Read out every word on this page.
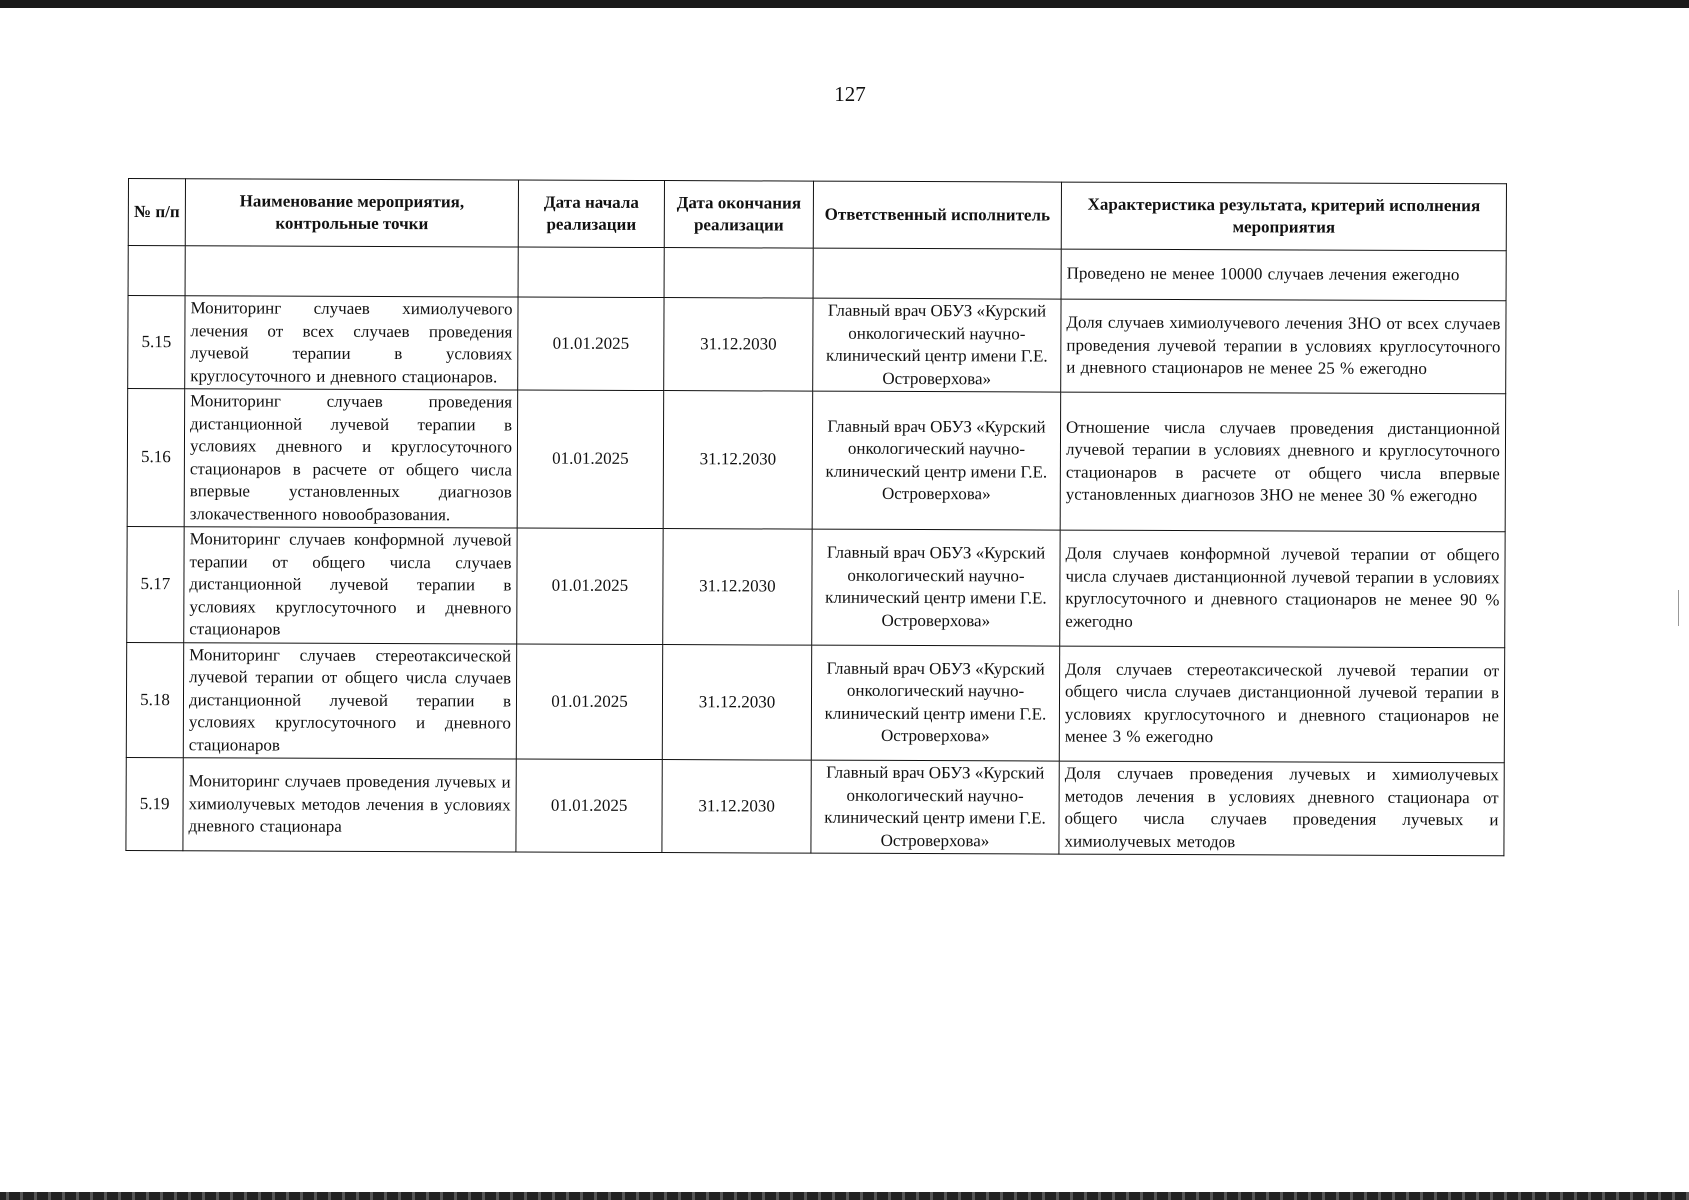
127
№ п/п	Наименование мероприятия, контрольные точки	Дата начала реализации	Дата окончания реализации	Ответственный исполнитель	Характеристика результата, критерий исполнения мероприятия
					Проведено не менее 10000 случаев лечения ежегодно
5.15	Мониторинг случаев химиолучевого лечения от всех случаев проведения лучевой терапии в условиях круглосуточного и дневного стационаров.	01.01.2025	31.12.2030	Главный врач ОБУЗ «Курский онкологический научно-клинический центр имени Г.Е. Островерхова»	Доля случаев химиолучевого лечения ЗНО от всех случаев проведения лучевой терапии в условиях круглосуточного и дневного стационаров не менее 25 % ежегодно
5.16	Мониторинг случаев проведения дистанционной лучевой терапии в условиях дневного и круглосуточного стационаров в расчете от общего числа впервые установленных диагнозов злокачественного новообразования.	01.01.2025	31.12.2030	Главный врач ОБУЗ «Курский онкологический научно-клинический центр имени Г.Е. Островерхова»	Отношение числа случаев проведения дистанционной лучевой терапии в условиях дневного и круглосуточного стационаров в расчете от общего числа впервые установленных диагнозов ЗНО не менее 30 % ежегодно
5.17	Мониторинг случаев конформной лучевой терапии от общего числа случаев дистанционной лучевой терапии в условиях круглосуточного и дневного стационаров	01.01.2025	31.12.2030	Главный врач ОБУЗ «Курский онкологический научно-клинический центр имени Г.Е. Островерхова»	Доля случаев конформной лучевой терапии от общего числа случаев дистанционной лучевой терапии в условиях круглосуточного и дневного стационаров не менее 90 % ежегодно
5.18	Мониторинг случаев стереотаксической лучевой терапии от общего числа случаев дистанционной лучевой терапии в условиях круглосуточного и дневного стационаров	01.01.2025	31.12.2030	Главный врач ОБУЗ «Курский онкологический научно-клинический центр имени Г.Е. Островерхова»	Доля случаев стереотаксической лучевой терапии от общего числа случаев дистанционной лучевой терапии в условиях круглосуточного и дневного стационаров не менее 3 % ежегодно
5.19	Мониторинг случаев проведения лучевых и химиолучевых методов лечения в условиях дневного стационара	01.01.2025	31.12.2030	Главный врач ОБУЗ «Курский онкологический научно-клинический центр имени Г.Е. Островерхова»	Доля случаев проведения лучевых и химиолучевых методов лечения в условиях дневного стационара от общего числа случаев проведения лучевых и химиолучевых методов
